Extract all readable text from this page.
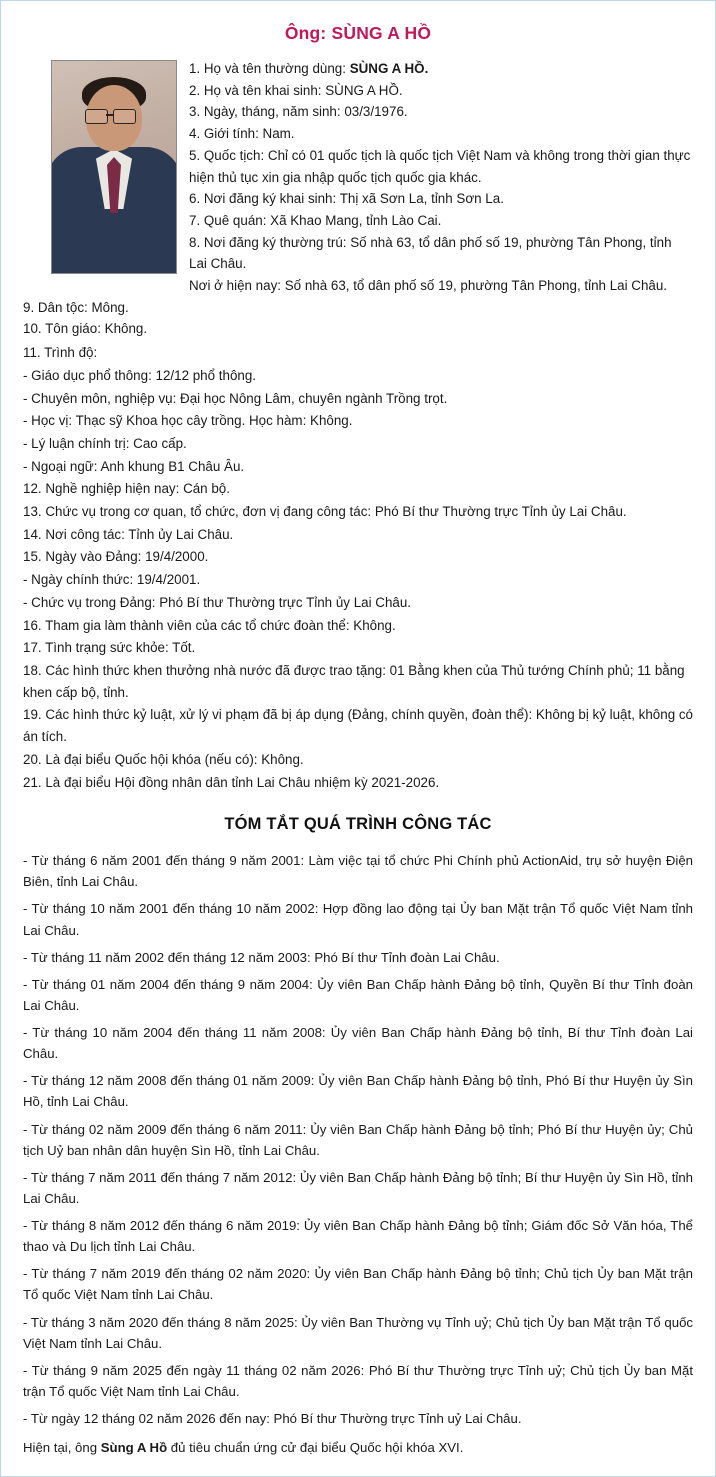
Ông: SÙNG A HỒ
1. Họ và tên thường dùng: SÙNG A HỒ.
2. Họ và tên khai sinh: SÙNG A HỒ.
3. Ngày, tháng, năm sinh: 03/3/1976.
4. Giới tính: Nam.
5. Quốc tịch: Chỉ có 01 quốc tịch là quốc tịch Việt Nam và không trong thời gian thực hiện thủ tục xin gia nhập quốc tịch quốc gia khác.
6. Nơi đăng ký khai sinh: Thị xã Sơn La, tỉnh Sơn La.
7. Quê quán: Xã Khao Mang, tỉnh Lào Cai.
8. Nơi đăng ký thường trú: Số nhà 63, tổ dân phố số 19, phường Tân Phong, tỉnh Lai Châu.
Nơi ở hiện nay: Số nhà 63, tổ dân phố số 19, phường Tân Phong, tỉnh Lai Châu.
9. Dân tộc: Mông.
10. Tôn giáo: Không.
11. Trình độ:
- Giáo dục phổ thông: 12/12 phổ thông.
- Chuyên môn, nghiệp vụ: Đại học Nông Lâm, chuyên ngành Trồng trọt.
- Học vị: Thạc sỹ Khoa học cây trồng. Học hàm: Không.
- Lý luận chính trị: Cao cấp.
- Ngoại ngữ: Anh khung B1 Châu Âu.
12. Nghề nghiệp hiện nay: Cán bộ.
13. Chức vụ trong cơ quan, tổ chức, đơn vị đang công tác: Phó Bí thư Thường trực Tỉnh ủy Lai Châu.
14. Nơi công tác: Tỉnh ủy Lai Châu.
15. Ngày vào Đảng: 19/4/2000.
- Ngày chính thức: 19/4/2001.
- Chức vụ trong Đảng: Phó Bí thư Thường trực Tỉnh ủy Lai Châu.
16. Tham gia làm thành viên của các tổ chức đoàn thể: Không.
17. Tình trạng sức khỏe: Tốt.
18. Các hình thức khen thưởng nhà nước đã được trao tặng: 01 Bằng khen của Thủ tướng Chính phủ; 11 bằng khen cấp bộ, tỉnh.
19. Các hình thức kỷ luật, xử lý vi phạm đã bị áp dụng (Đảng, chính quyền, đoàn thể): Không bị kỷ luật, không có án tích.
20. Là đại biểu Quốc hội khóa (nếu có): Không.
21. Là đại biểu Hội đồng nhân dân tỉnh Lai Châu nhiệm kỳ 2021-2026.
TÓM TẮT QUÁ TRÌNH CÔNG TÁC
- Từ tháng 6 năm 2001 đến tháng 9 năm 2001: Làm việc tại tổ chức Phi Chính phủ ActionAid, trụ sở huyện Điện Biên, tỉnh Lai Châu.
- Từ tháng 10 năm 2001 đến tháng 10 năm 2002: Hợp đồng lao động tại Ủy ban Mặt trận Tổ quốc Việt Nam tỉnh Lai Châu.
- Từ tháng 11 năm 2002 đến tháng 12 năm 2003: Phó Bí thư Tỉnh đoàn Lai Châu.
- Từ tháng 01 năm 2004 đến tháng 9 năm 2004: Ủy viên Ban Chấp hành Đảng bộ tỉnh, Quyền Bí thư Tỉnh đoàn Lai Châu.
- Từ tháng 10 năm 2004 đến tháng 11 năm 2008: Ủy viên Ban Chấp hành Đảng bộ tỉnh, Bí thư Tỉnh đoàn Lai Châu.
- Từ tháng 12 năm 2008 đến tháng 01 năm 2009: Ủy viên Ban Chấp hành Đảng bộ tỉnh, Phó Bí thư Huyện ủy Sìn Hồ, tỉnh Lai Châu.
- Từ tháng 02 năm 2009 đến tháng 6 năm 2011: Ủy viên Ban Chấp hành Đảng bộ tỉnh; Phó Bí thư Huyện ủy; Chủ tịch Uỷ ban nhân dân huyện Sìn Hồ, tỉnh Lai Châu.
- Từ tháng 7 năm 2011 đến tháng 7 năm 2012: Ủy viên Ban Chấp hành Đảng bộ tỉnh; Bí thư Huyện ủy Sìn Hồ, tỉnh Lai Châu.
- Từ tháng 8 năm 2012 đến tháng 6 năm 2019: Ủy viên Ban Chấp hành Đảng bộ tỉnh; Giám đốc Sở Văn hóa, Thể thao và Du lịch tỉnh Lai Châu.
- Từ tháng 7 năm 2019 đến tháng 02 năm 2020: Ủy viên Ban Chấp hành Đảng bộ tỉnh; Chủ tịch Ủy ban Mặt trận Tổ quốc Việt Nam tỉnh Lai Châu.
- Từ tháng 3 năm 2020 đến tháng 8 năm 2025: Ủy viên Ban Thường vụ Tỉnh uỷ; Chủ tịch Ủy ban Mặt trận Tổ quốc Việt Nam tỉnh Lai Châu.
- Từ tháng 9 năm 2025 đến ngày 11 tháng 02 năm 2026: Phó Bí thư Thường trực Tỉnh uỷ; Chủ tịch Ủy ban Mặt trận Tổ quốc Việt Nam tỉnh Lai Châu.
- Từ ngày 12 tháng 02 năm 2026 đến nay: Phó Bí thư Thường trực Tỉnh uỷ Lai Châu.
Hiện tại, ông Sùng A Hồ đủ tiêu chuẩn ứng cử đại biểu Quốc hội khóa XVI.
